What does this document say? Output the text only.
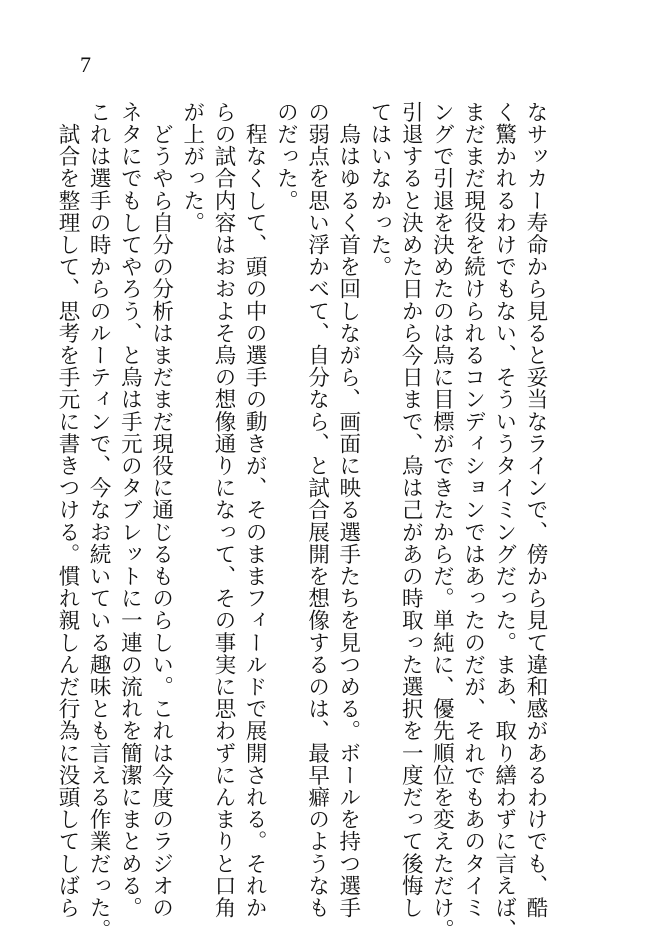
7
なサッカー寿命から見ると妥当なラインで、傍から見て違和感があるわけでも、酷
く驚かれるわけでもない、そういうタイミングだった。まあ、取り繕わずに言えば、
まだまだ現役を続けられるコンディションではあったのだが、それでもあのタイミ
ングで引退を決めたのは烏に目標ができたからだ。単純に、優先順位を変えただけ。
引退すると決めた日から今日まで、烏は己があの時取った選択を一度だって後悔し
てはいなかった。
　烏はゆるく首を回しながら、画面に映る選手たちを見つめる。ボールを持つ選手
の弱点を思い浮かべて、自分なら、と試合展開を想像するのは、最早癖のようなも
のだった。
　程なくして、頭の中の選手の動きが、そのままフィールドで展開される。それか
らの試合内容はおおよそ烏の想像通りになって、その事実に思わずにんまりと口角
が上がった。
　どうやら自分の分析はまだまだ現役に通じるものらしい。これは今度のラジオの
ネタにでもしてやろう、と烏は手元のタブレットに一連の流れを簡潔にまとめる。
これは選手の時からのルーティンで、今なお続いている趣味とも言える作業だった。
　試合を整理して、思考を手元に書きつける。慣れ親しんだ行為に没頭してしばら
